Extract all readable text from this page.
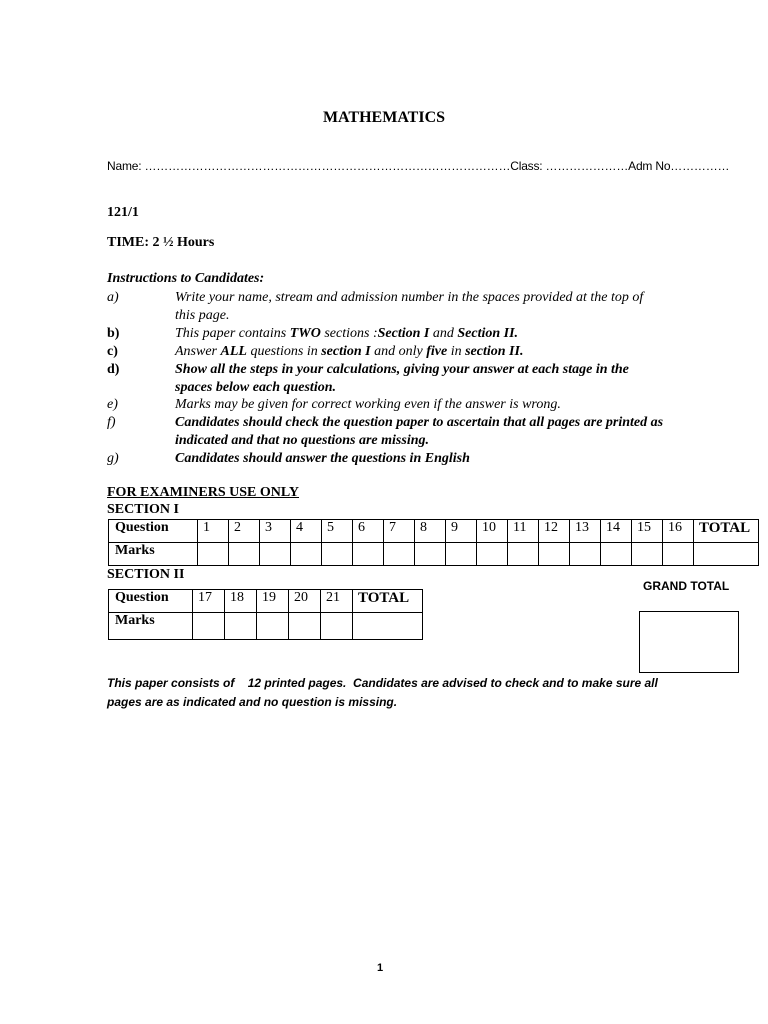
MATHEMATICS
Name: …………………………………………………………………………………Class: …………………Adm No……………
121/1
TIME: 2 ½ Hours
Instructions to Candidates:
a)	Write your name, stream and admission number in the spaces provided at the top of this page.
b)	This paper contains TWO sections :Section I and Section II.
c)	Answer ALL questions in section I and only five in section II.
d)	Show all the steps in your calculations, giving your answer at each stage in the spaces below each question.
e)	Marks may be given for correct working even if the answer is wrong.
f)	Candidates should check the question paper to ascertain that all pages are printed as indicated and that no questions are missing.
g)	Candidates should answer the questions in English
FOR EXAMINERS USE ONLY
SECTION I
Question	1	2	3	4	5	6	7	8	9	10	11	12	13	14	15	16	TOTAL
Marks																	
SECTION II
Question	17	18	19	20	21	TOTAL
Marks						
GRAND TOTAL
This paper consists of    12 printed pages.  Candidates are advised to check and to make sure all pages are as indicated and no question is missing.
1
